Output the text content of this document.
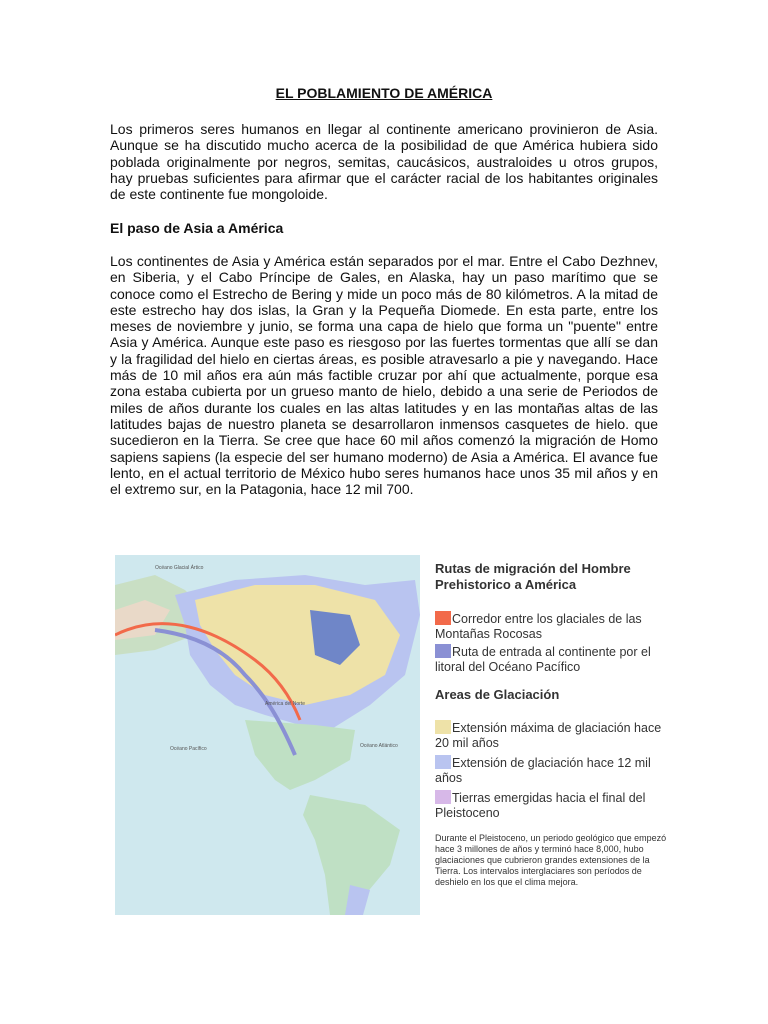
EL POBLAMIENTO DE AMÉRICA

Los primeros seres humanos en llegar al continente americano provinieron de Asia. Aunque se ha discutido mucho acerca de la posibilidad de que América hubiera sido poblada originalmente por negros, semitas, caucásicos, australoides u otros grupos, hay pruebas suficientes para afirmar que el carácter racial de los habitantes originales de este continente fue mongoloide.

El paso de Asia a América

Los continentes de Asia y América están separados por el mar. Entre el Cabo Dezhnev, en Siberia, y el Cabo Príncipe de Gales, en Alaska, hay un paso marítimo que se conoce como el Estrecho de Bering y mide un poco más de 80 kilómetros. A la mitad de este estrecho hay dos islas, la Gran y la Pequeña Diomede. En esta parte, entre los meses de noviembre y junio, se forma una capa de hielo que forma un "puente" entre Asia y América. Aunque este paso es riesgoso por las fuertes tormentas que allí se dan y la fragilidad del hielo en ciertas áreas, es posible atravesarlo a pie y navegando. Hace más de 10 mil años era aún más factible cruzar por ahí que actualmente, porque esa zona estaba cubierta por un grueso manto de hielo, debido a una serie de Periodos de miles de años durante los cuales en las altas latitudes y en las montañas altas de las latitudes bajas de nuestro planeta se desarrollaron inmensos casquetes de hielo. que sucedieron en la Tierra. Se cree que hace 60 mil años comenzó la migración de Homo sapiens sapiens (la especie del ser humano moderno) de Asia a América. El avance fue lento, en el actual territorio de México hubo seres humanos hace unos 35 mil años y en el extremo sur, en la Patagonia, hace 12 mil 700.

Océano Glacial Ártico
Océano Pacífico	Océano Atlántico
América del Norte
Rutas de migración del Hombre Prehistorico a América
Corredor entre los glaciales de las Montañas Rocosas
Ruta de entrada al continente por el litoral del Océano Pacífico
Areas de Glaciación
Extensión máxima de glaciación hace 20 mil años
Extensión de glaciación hace 12 mil años
Tierras emergidas hacia el final del Pleistoceno
Durante el Pleistoceno, un periodo geológico que empezó hace 3 millones de años y terminó hace 8,000, hubo glaciaciones que cubrieron grandes extensiones de la Tierra. Los intervalos interglaciares son períodos de deshielo en los que el clima mejora.
